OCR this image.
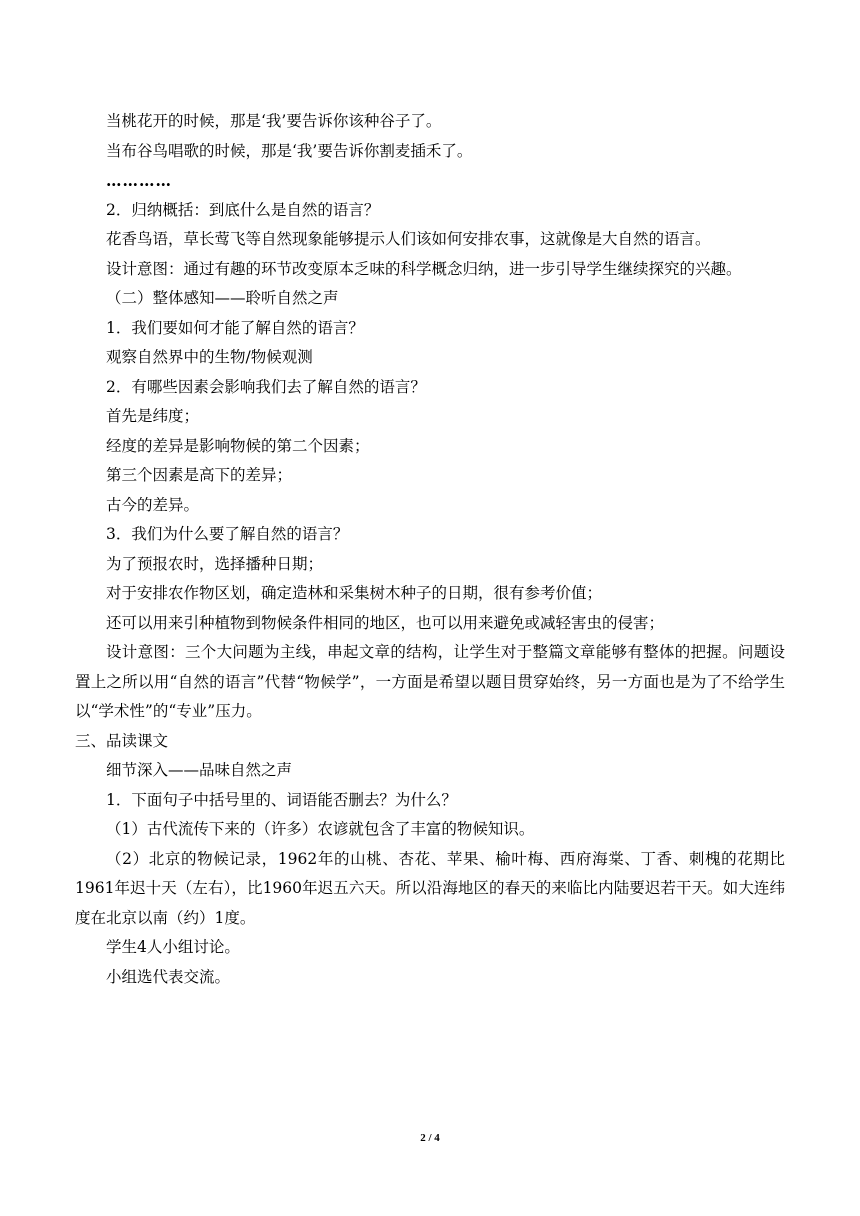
当桃花开的时候，那是‘我’要告诉你该种谷子了。

当布谷鸟唱歌的时候，那是‘我’要告诉你割麦插禾了。

…………

2．归纳概括：到底什么是自然的语言？

花香鸟语，草长莺飞等自然现象能够提示人们该如何安排农事，这就像是大自然的语言。

设计意图：通过有趣的环节改变原本乏味的科学概念归纳，进一步引导学生继续探究的兴趣。

（二）整体感知——聆听自然之声

1．我们要如何才能了解自然的语言？

观察自然界中的生物/物候观测

2．有哪些因素会影响我们去了解自然的语言？

首先是纬度；

经度的差异是影响物候的第二个因素；

第三个因素是高下的差异；

古今的差异。

3．我们为什么要了解自然的语言？

为了预报农时，选择播种日期；

对于安排农作物区划，确定造林和采集树木种子的日期，很有参考价值；

还可以用来引种植物到物候条件相同的地区，也可以用来避免或减轻害虫的侵害；

设计意图：三个大问题为主线，串起文章的结构，让学生对于整篇文章能够有整体的把握。问题设置上之所以用“自然的语言”代替“物候学”，一方面是希望以题目贯穿始终，另一方面也是为了不给学生以“学术性”的“专业”压力。

三、品读课文

细节深入——品味自然之声

1．下面句子中括号里的、词语能否删去？为什么？

（1）古代流传下来的（许多）农谚就包含了丰富的物候知识。

（2）北京的物候记录，1962年的山桃、杏花、苹果、榆叶梅、西府海棠、丁香、刺槐的花期比1961年迟十天（左右），比1960年迟五六天。所以沿海地区的春天的来临比内陆要迟若干天。如大连纬度在北京以南（约）1度。

学生4人小组讨论。

小组选代表交流。

2 / 4
